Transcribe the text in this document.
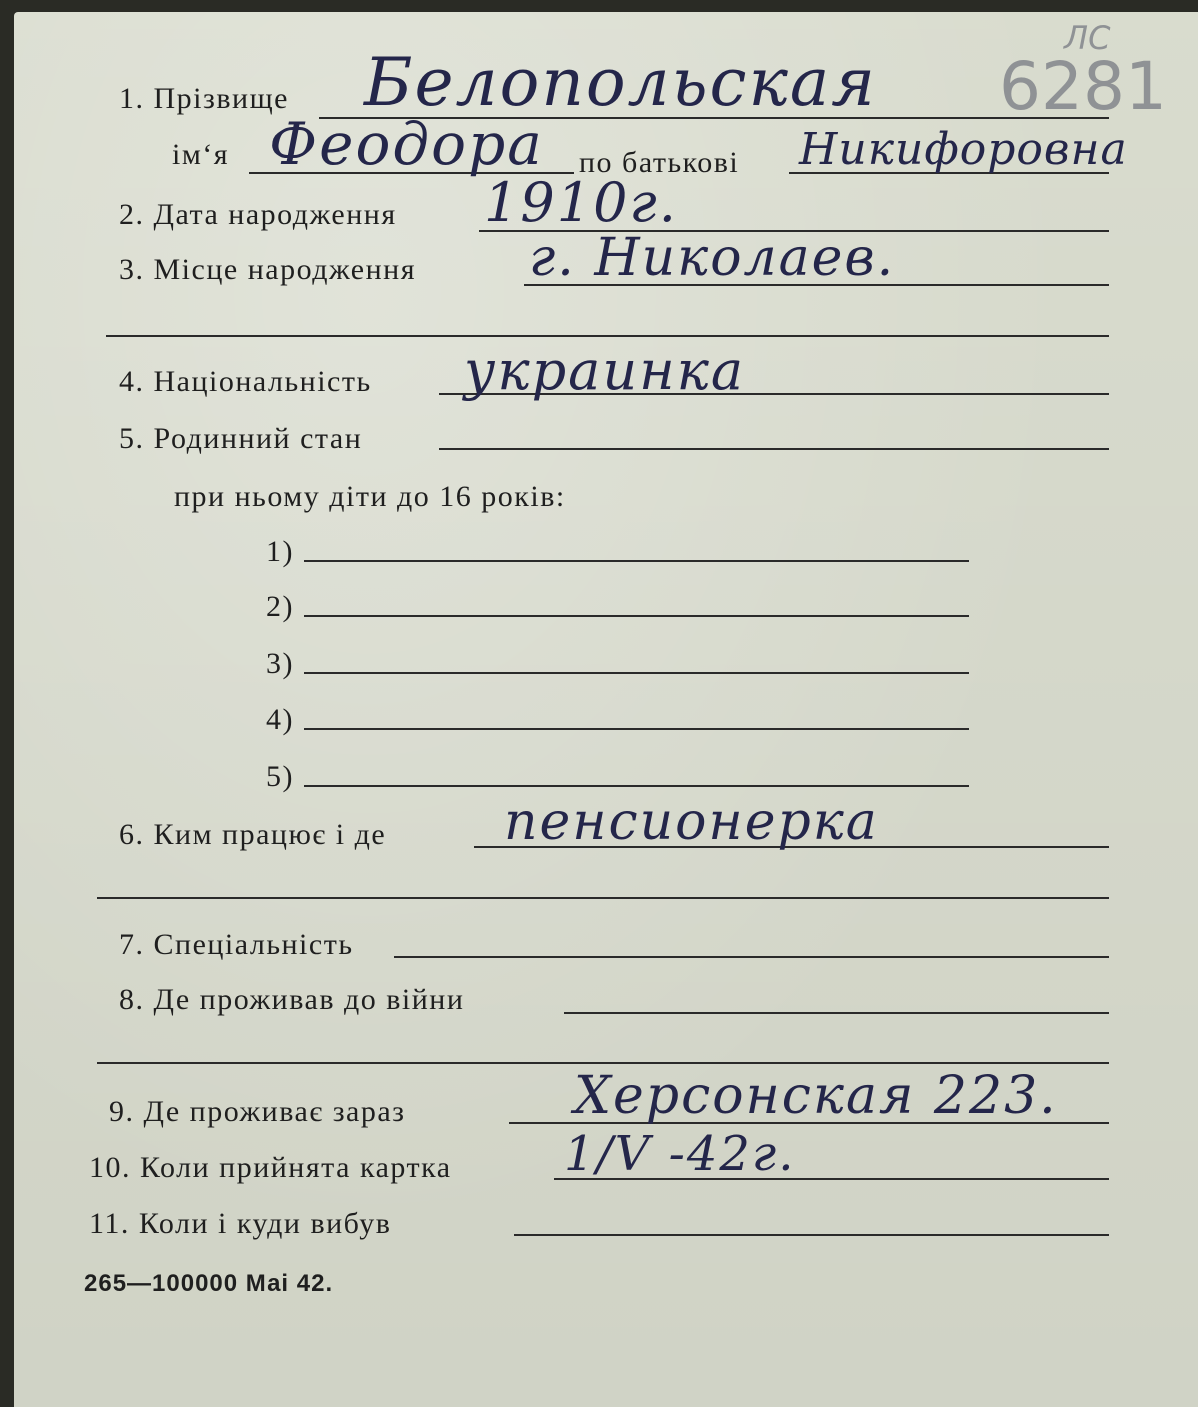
ЛС
6281
1. Прізвище Белопольская
ім‘я Феодора по батькові Никифоровна
2. Дата народження 1910г.
3. Місце народження г. Николаев.
4. Національність украинка
5. Родинний стан
при ньому діти до 16 років:
1)
2)
3)
4)
5)
6. Ким працює і де пенсионерка
7. Спеціальність
8. Де проживав до війни
9. Де проживає зараз	Херсонская 223.
10. Коли прийнята картка 1/V -42г.
11. Коли і куди вибув
265—100000 Маі 42.
